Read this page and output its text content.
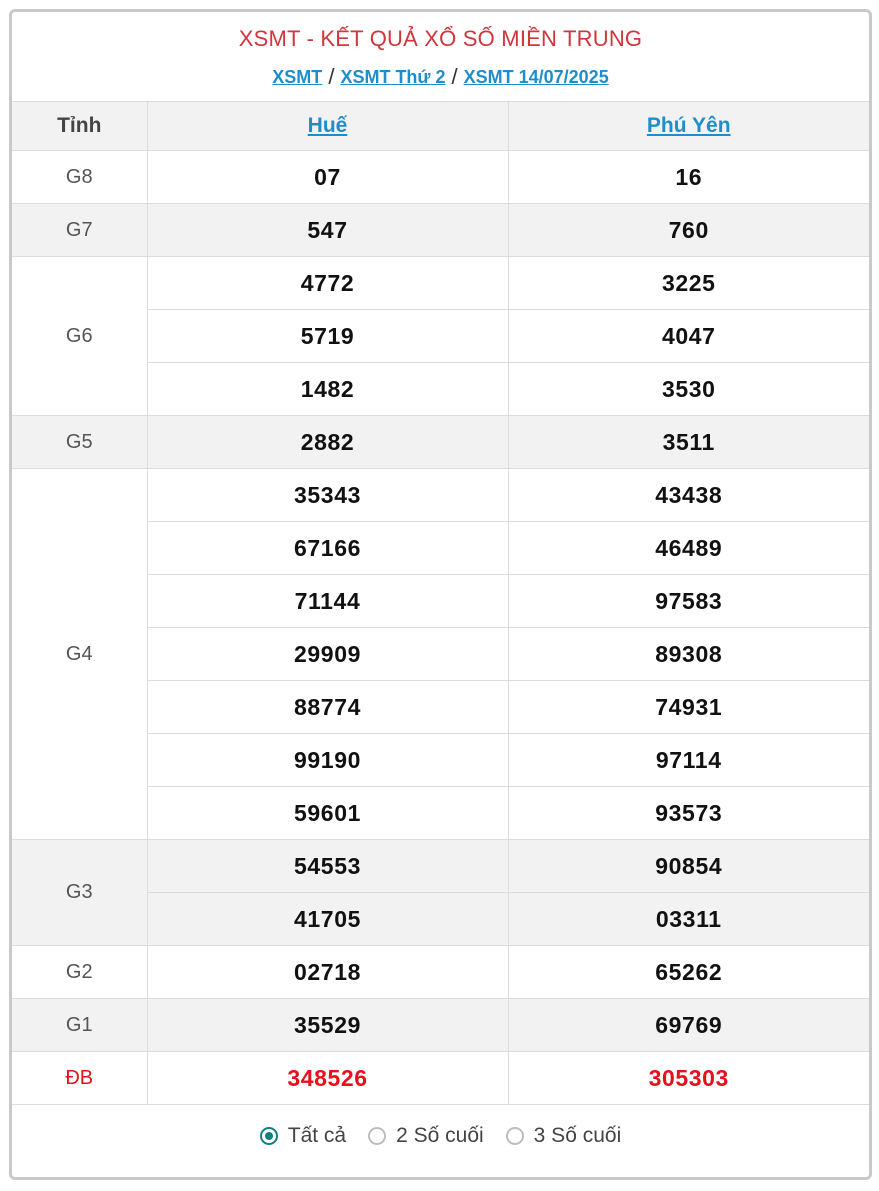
XSMT - KẾT QUẢ XỔ SỐ MIỀN TRUNG
XSMT / XSMT Thứ 2 / XSMT 14/07/2025
Tỉnh	Huế	Phú Yên
G8	07	16
G7	547	760
G6	4772	3225
	5719	4047
	1482	3530
G5	2882	3511
G4	35343	43438
	67166	46489
	71144	97583
	29909	89308
	88774	74931
	99190	97114
	59601	93573
G3	54553	90854
	41705	03311
G2	02718	65262
G1	35529	69769
ĐB	348526	305303
Tất cả 2 Số cuối 3 Số cuối
